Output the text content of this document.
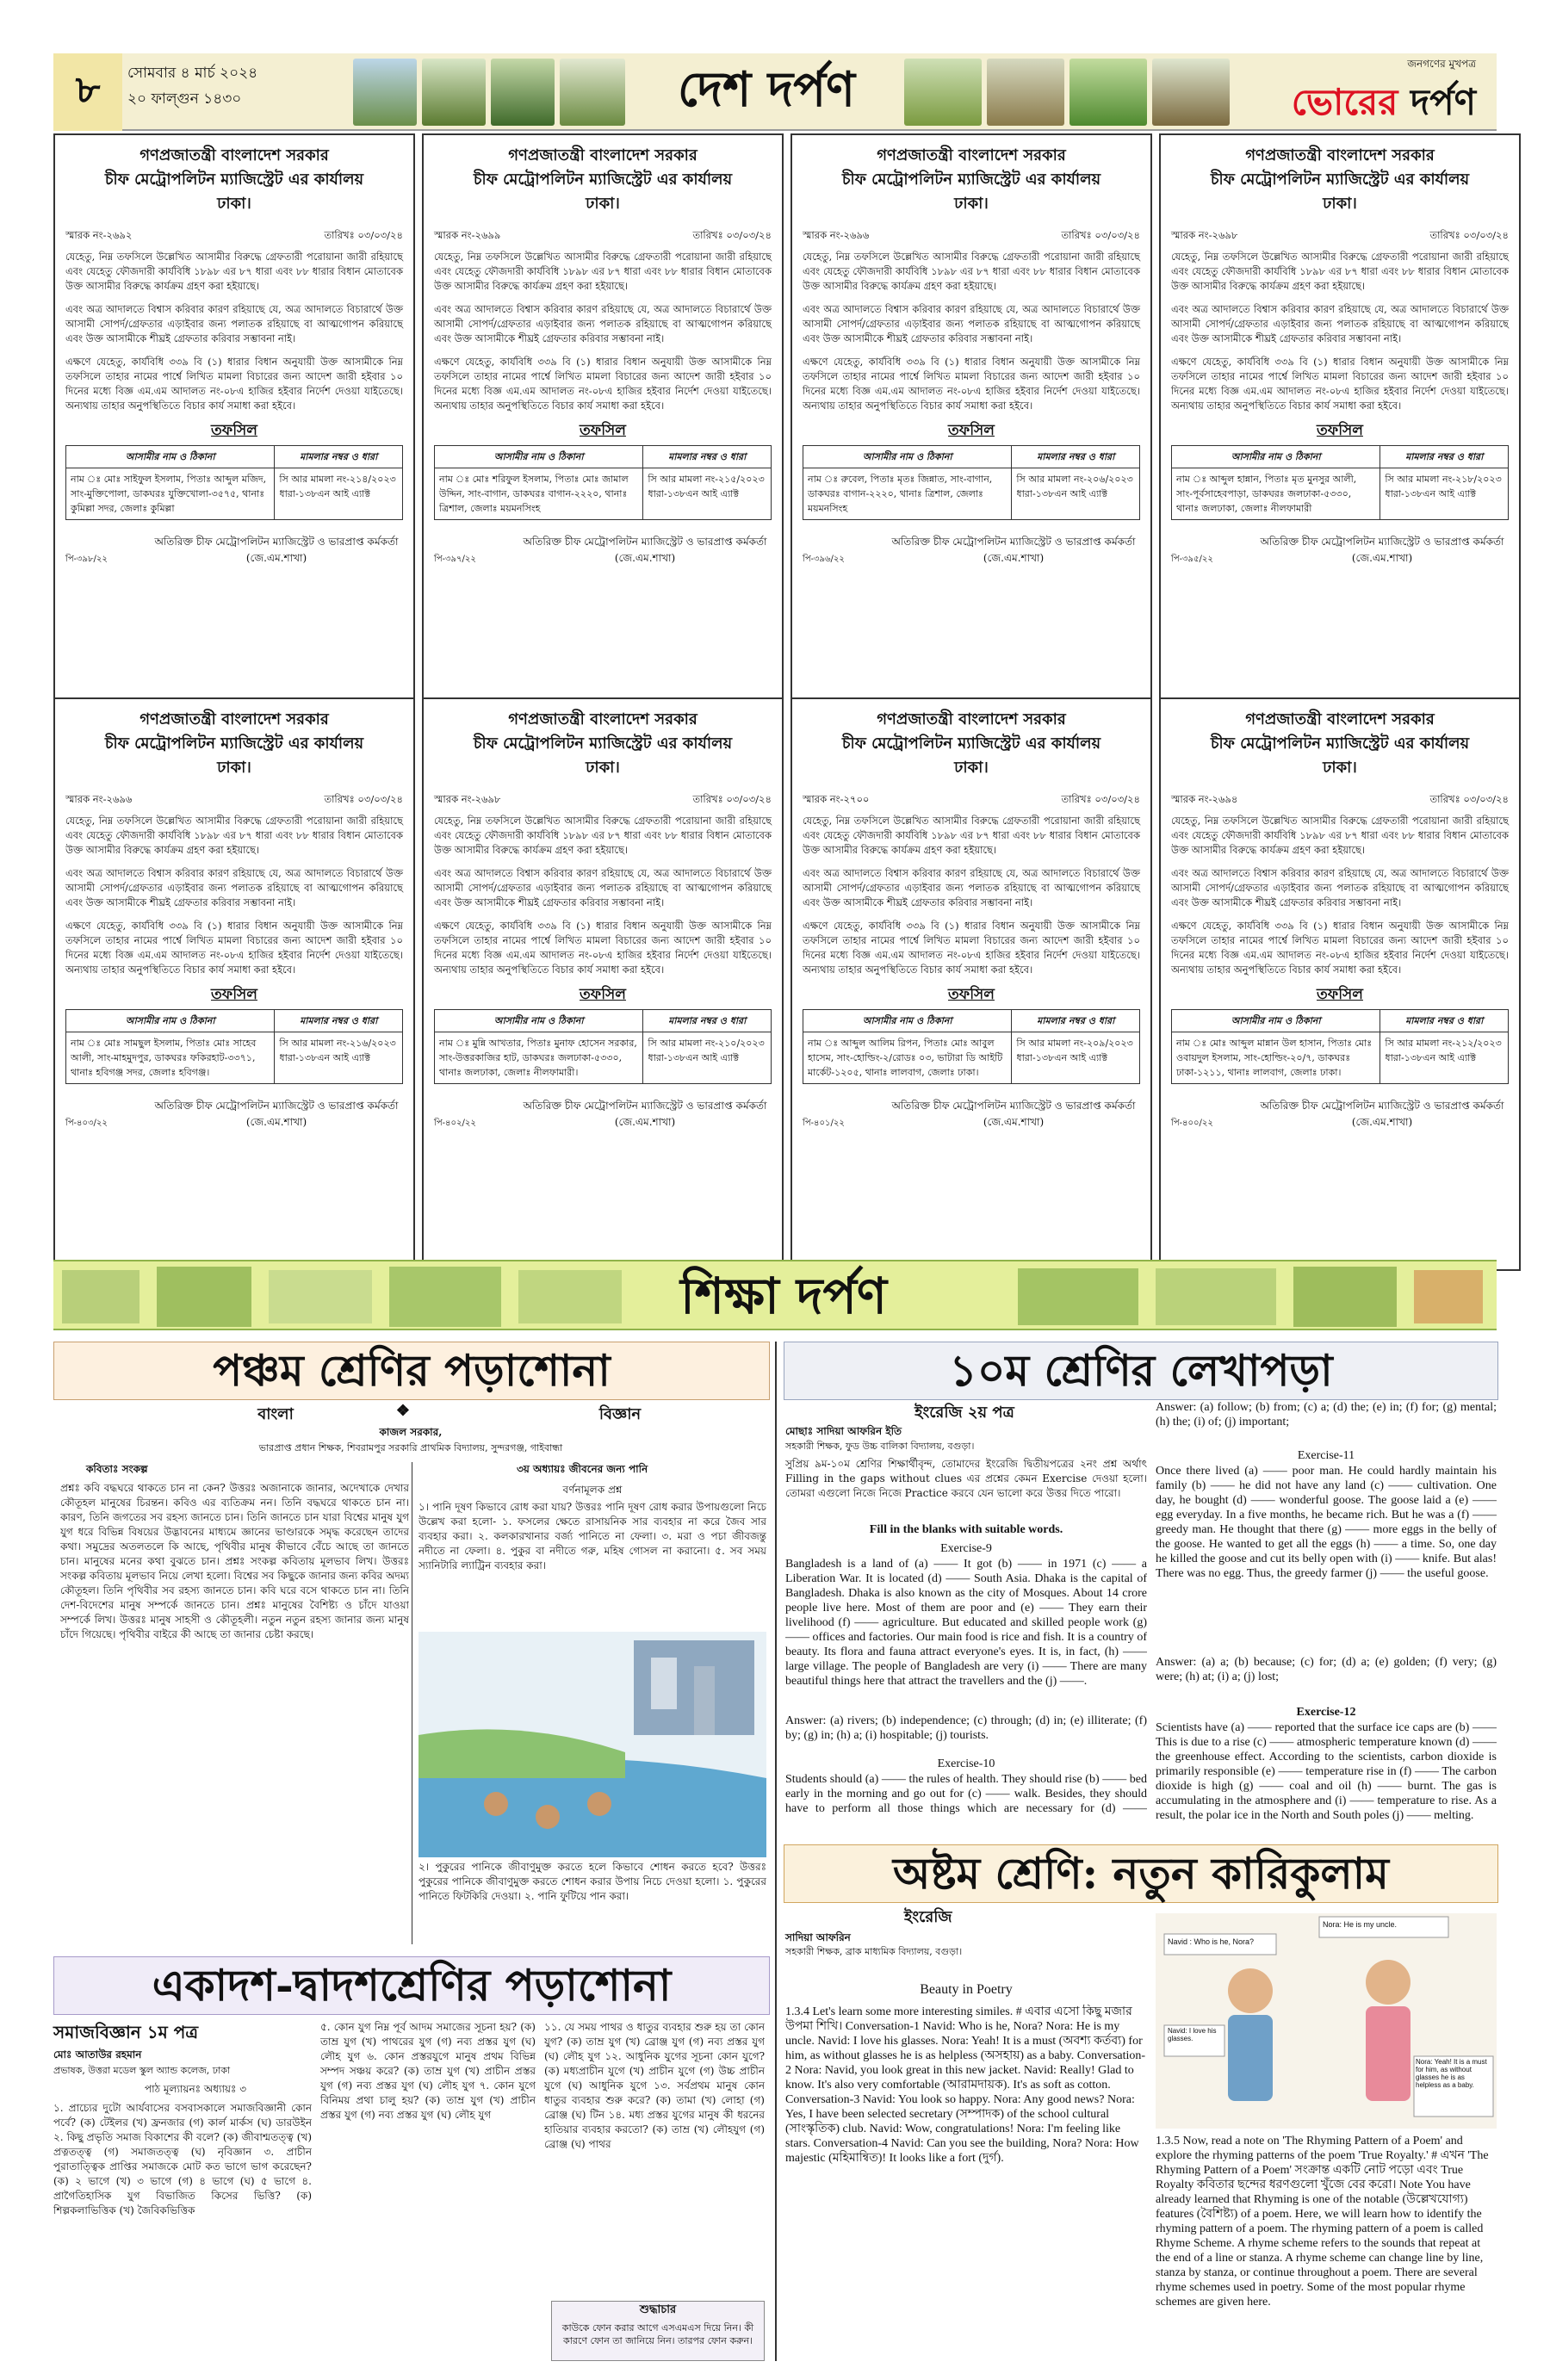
৮	সোমবার ৪ মার্চ ২০২৪
২০ ফাল্গুন ১৪৩০	দেশ দর্পণ	জনগণের মুখপত্র
ভোরের দর্পণ
গণপ্রজাতন্ত্রী বাংলাদেশ সরকার
চীফ মেট্রোপলিটন ম্যাজিস্ট্রেট এর কার্যালয়
ঢাকা।
স্মারক নং-২৬৯২	তারিখঃ ০৩/০৩/২৪

যেহেতু, নিম্ন তফসিলে উল্লেখিত আসামীর বিরুদ্ধে গ্রেফতারী পরোয়ানা জারী রহিয়াছে এবং যেহেতু ফৌজদারী কার্যবিধি ১৮৯৮ এর ৮৭ ধারা এবং ৮৮ ধারার বিধান মোতাবেক উক্ত আসামীর বিরুদ্ধে কার্যক্রম গ্রহণ করা হইয়াছে।

এবং অত্র আদালতে বিশ্বাস করিবার কারণ রহিয়াছে যে, অত্র আদালতে বিচারার্থে উক্ত আসামী সোপর্দ/গ্রেফতার এড়াইবার জন্য পলাতক রহিয়াছে বা আত্মগোপন করিয়াছে এবং উক্ত আসামীকে শীঘ্রই গ্রেফতার করিবার সম্ভাবনা নাই।

এক্ষণে যেহেতু, কার্যবিধি ৩৩৯ বি (১) ধারার বিধান অনুযায়ী উক্ত আসামীকে নিম্ন তফসিলে তাহার নামের পার্শ্বে লিখিত মামলা বিচারের জন্য আদেশ জারী হইবার ১০ দিনের মধ্যে বিজ্ঞ এম.এম আদালত নং-০৮এ হাজির হইবার নির্দেশ দেওয়া যাইতেছে। অন্যথায় তাহার অনুপস্থিতিতে বিচার কার্য সমাধা করা হইবে।

তফসিল
আসামীর নাম ও ঠিকানা	মামলার নম্বর ও ধারা
নাম ঃ মোঃ সাইফুল ইসলাম, পিতাঃ আব্দুল মজিদ, সাং-মুক্তিপোলা, ডাকঘরঃ যুক্তিখোলা-৩৫৭৫, থানাঃ কুমিল্লা সদর, জেলাঃ কুমিল্লা	সি আর মামলা নং-২১৪/২০২৩ ধারা-১৩৮এন আই এ্যাক্ট
পি-৩৯৮/২২
অতিরিক্ত চীফ মেট্রোপলিটন ম্যাজিস্ট্রেট ও ভারপ্রাপ্ত কর্মকর্তা (জে.এম.শাখা)
গণপ্রজাতন্ত্রী বাংলাদেশ সরকার
চীফ মেট্রোপলিটন ম্যাজিস্ট্রেট এর কার্যালয়
ঢাকা।
স্মারক নং-২৬৯৯	তারিখঃ ০৩/০৩/২৪

যেহেতু, নিম্ন তফসিলে উল্লেখিত আসামীর বিরুদ্ধে গ্রেফতারী পরোয়ানা জারী রহিয়াছে এবং যেহেতু ফৌজদারী কার্যবিধি ১৮৯৮ এর ৮৭ ধারা এবং ৮৮ ধারার বিধান মোতাবেক উক্ত আসামীর বিরুদ্ধে কার্যক্রম গ্রহণ করা হইয়াছে।

এবং অত্র আদালতে বিশ্বাস করিবার কারণ রহিয়াছে যে, অত্র আদালতে বিচারার্থে উক্ত আসামী সোপর্দ/গ্রেফতার এড়াইবার জন্য পলাতক রহিয়াছে বা আত্মগোপন করিয়াছে এবং উক্ত আসামীকে শীঘ্রই গ্রেফতার করিবার সম্ভাবনা নাই।

এক্ষণে যেহেতু, কার্যবিধি ৩৩৯ বি (১) ধারার বিধান অনুযায়ী উক্ত আসামীকে নিম্ন তফসিলে তাহার নামের পার্শ্বে লিখিত মামলা বিচারের জন্য আদেশ জারী হইবার ১০ দিনের মধ্যে বিজ্ঞ এম.এম আদালত নং-০৮এ হাজির হইবার নির্দেশ দেওয়া যাইতেছে। অন্যথায় তাহার অনুপস্থিতিতে বিচার কার্য সমাধা করা হইবে।

তফসিল
আসামীর নাম ও ঠিকানা	মামলার নম্বর ও ধারা
নাম ঃ মোঃ শরিফুল ইসলাম, পিতাঃ মোঃ জামাল উদ্দিন, সাং-বাগান, ডাকঘরঃ বাগান-২২২০, থানাঃ ত্রিশাল, জেলাঃ ময়মনসিংহ	সি আর মামলা নং-২১৫/২০২৩ ধারা-১৩৮এন আই এ্যাক্ট
পি-৩৯৭/২২
অতিরিক্ত চীফ মেট্রোপলিটন ম্যাজিস্ট্রেট ও ভারপ্রাপ্ত কর্মকর্তা (জে.এম.শাখা)
গণপ্রজাতন্ত্রী বাংলাদেশ সরকার
চীফ মেট্রোপলিটন ম্যাজিস্ট্রেট এর কার্যালয়
ঢাকা।
স্মারক নং-২৬৯৬	তারিখঃ ০৩/০৩/২৪

যেহেতু, নিম্ন তফসিলে উল্লেখিত আসামীর বিরুদ্ধে গ্রেফতারী পরোয়ানা জারী রহিয়াছে এবং যেহেতু ফৌজদারী কার্যবিধি ১৮৯৮ এর ৮৭ ধারা এবং ৮৮ ধারার বিধান মোতাবেক উক্ত আসামীর বিরুদ্ধে কার্যক্রম গ্রহণ করা হইয়াছে।

এবং অত্র আদালতে বিশ্বাস করিবার কারণ রহিয়াছে যে, অত্র আদালতে বিচারার্থে উক্ত আসামী সোপর্দ/গ্রেফতার এড়াইবার জন্য পলাতক রহিয়াছে বা আত্মগোপন করিয়াছে এবং উক্ত আসামীকে শীঘ্রই গ্রেফতার করিবার সম্ভাবনা নাই।

এক্ষণে যেহেতু, কার্যবিধি ৩৩৯ বি (১) ধারার বিধান অনুযায়ী উক্ত আসামীকে নিম্ন তফসিলে তাহার নামের পার্শ্বে লিখিত মামলা বিচারের জন্য আদেশ জারী হইবার ১০ দিনের মধ্যে বিজ্ঞ এম.এম আদালত নং-০৮এ হাজির হইবার নির্দেশ দেওয়া যাইতেছে। অন্যথায় তাহার অনুপস্থিতিতে বিচার কার্য সমাধা করা হইবে।

তফসিল
আসামীর নাম ও ঠিকানা	মামলার নম্বর ও ধারা
নাম ঃ রুবেল, পিতাঃ মৃতঃ জিন্নাত, সাং-বাগান, ডাকঘরঃ বাগান-২২২০, থানাঃ ত্রিশাল, জেলাঃ ময়মনসিংহ	সি আর মামলা নং-২০৬/২০২৩ ধারা-১৩৮এন আই এ্যাক্ট
পি-৩৯৬/২২
অতিরিক্ত চীফ মেট্রোপলিটন ম্যাজিস্ট্রেট ও ভারপ্রাপ্ত কর্মকর্তা (জে.এম.শাখা)
গণপ্রজাতন্ত্রী বাংলাদেশ সরকার
চীফ মেট্রোপলিটন ম্যাজিস্ট্রেট এর কার্যালয়
ঢাকা।
স্মারক নং-২৬৯৮	তারিখঃ ০৩/০৩/২৪

যেহেতু, নিম্ন তফসিলে উল্লেখিত আসামীর বিরুদ্ধে গ্রেফতারী পরোয়ানা জারী রহিয়াছে এবং যেহেতু ফৌজদারী কার্যবিধি ১৮৯৮ এর ৮৭ ধারা এবং ৮৮ ধারার বিধান মোতাবেক উক্ত আসামীর বিরুদ্ধে কার্যক্রম গ্রহণ করা হইয়াছে।

এবং অত্র আদালতে বিশ্বাস করিবার কারণ রহিয়াছে যে, অত্র আদালতে বিচারার্থে উক্ত আসামী সোপর্দ/গ্রেফতার এড়াইবার জন্য পলাতক রহিয়াছে বা আত্মগোপন করিয়াছে এবং উক্ত আসামীকে শীঘ্রই গ্রেফতার করিবার সম্ভাবনা নাই।

এক্ষণে যেহেতু, কার্যবিধি ৩৩৯ বি (১) ধারার বিধান অনুযায়ী উক্ত আসামীকে নিম্ন তফসিলে তাহার নামের পার্শ্বে লিখিত মামলা বিচারের জন্য আদেশ জারী হইবার ১০ দিনের মধ্যে বিজ্ঞ এম.এম আদালত নং-০৮এ হাজির হইবার নির্দেশ দেওয়া যাইতেছে। অন্যথায় তাহার অনুপস্থিতিতে বিচার কার্য সমাধা করা হইবে।

তফসিল
আসামীর নাম ও ঠিকানা	মামলার নম্বর ও ধারা
নাম ঃ আব্দুল হান্নান, পিতাঃ মৃত মুনসুর আলী, সাং-পূর্বসাহেবপাড়া, ডাকঘরঃ জলঢাকা-৫৩৩০, থানাঃ জলঢাকা, জেলাঃ নীলফামারী	সি আর মামলা নং-২১৮/২০২৩ ধারা-১৩৮এন আই এ্যাক্ট
পি-৩৯৫/২২
অতিরিক্ত চীফ মেট্রোপলিটন ম্যাজিস্ট্রেট ও ভারপ্রাপ্ত কর্মকর্তা (জে.এম.শাখা)
গণপ্রজাতন্ত্রী বাংলাদেশ সরকার
চীফ মেট্রোপলিটন ম্যাজিস্ট্রেট এর কার্যালয়
ঢাকা।
স্মারক নং-২৬৯৬	তারিখঃ ০৩/০৩/২৪

যেহেতু, নিম্ন তফসিলে উল্লেখিত আসামীর বিরুদ্ধে গ্রেফতারী পরোয়ানা জারী রহিয়াছে এবং যেহেতু ফৌজদারী কার্যবিধি ১৮৯৮ এর ৮৭ ধারা এবং ৮৮ ধারার বিধান মোতাবেক উক্ত আসামীর বিরুদ্ধে কার্যক্রম গ্রহণ করা হইয়াছে।

এবং অত্র আদালতে বিশ্বাস করিবার কারণ রহিয়াছে যে, অত্র আদালতে বিচারার্থে উক্ত আসামী সোপর্দ/গ্রেফতার এড়াইবার জন্য পলাতক রহিয়াছে বা আত্মগোপন করিয়াছে এবং উক্ত আসামীকে শীঘ্রই গ্রেফতার করিবার সম্ভাবনা নাই।

এক্ষণে যেহেতু, কার্যবিধি ৩৩৯ বি (১) ধারার বিধান অনুযায়ী উক্ত আসামীকে নিম্ন তফসিলে তাহার নামের পার্শ্বে লিখিত মামলা বিচারের জন্য আদেশ জারী হইবার ১০ দিনের মধ্যে বিজ্ঞ এম.এম আদালত নং-০৮এ হাজির হইবার নির্দেশ দেওয়া যাইতেছে। অন্যথায় তাহার অনুপস্থিতিতে বিচার কার্য সমাধা করা হইবে।

তফসিল
আসামীর নাম ও ঠিকানা	মামলার নম্বর ও ধারা
নাম ঃ মোঃ সামছুল ইসলাম, পিতাঃ মোঃ সাহেব আলী, সাং-মাহমুদপুর, ডাকঘরঃ ফকিরহাট-৩৩৭১, থানাঃ হবিগঞ্জ সদর, জেলাঃ হবিগঞ্জ।	সি আর মামলা নং-২১৬/২০২৩ ধারা-১৩৮এন আই এ্যাক্ট
পি-৪০৩/২২
অতিরিক্ত চীফ মেট্রোপলিটন ম্যাজিস্ট্রেট ও ভারপ্রাপ্ত কর্মকর্তা (জে.এম.শাখা)
গণপ্রজাতন্ত্রী বাংলাদেশ সরকার
চীফ মেট্রোপলিটন ম্যাজিস্ট্রেট এর কার্যালয়
ঢাকা।
স্মারক নং-২৬৯৮	তারিখঃ ০৩/০৩/২৪

যেহেতু, নিম্ন তফসিলে উল্লেখিত আসামীর বিরুদ্ধে গ্রেফতারী পরোয়ানা জারী রহিয়াছে এবং যেহেতু ফৌজদারী কার্যবিধি ১৮৯৮ এর ৮৭ ধারা এবং ৮৮ ধারার বিধান মোতাবেক উক্ত আসামীর বিরুদ্ধে কার্যক্রম গ্রহণ করা হইয়াছে।

এবং অত্র আদালতে বিশ্বাস করিবার কারণ রহিয়াছে যে, অত্র আদালতে বিচারার্থে উক্ত আসামী সোপর্দ/গ্রেফতার এড়াইবার জন্য পলাতক রহিয়াছে বা আত্মগোপন করিয়াছে এবং উক্ত আসামীকে শীঘ্রই গ্রেফতার করিবার সম্ভাবনা নাই।

এক্ষণে যেহেতু, কার্যবিধি ৩৩৯ বি (১) ধারার বিধান অনুযায়ী উক্ত আসামীকে নিম্ন তফসিলে তাহার নামের পার্শ্বে লিখিত মামলা বিচারের জন্য আদেশ জারী হইবার ১০ দিনের মধ্যে বিজ্ঞ এম.এম আদালত নং-০৮এ হাজির হইবার নির্দেশ দেওয়া যাইতেছে। অন্যথায় তাহার অনুপস্থিতিতে বিচার কার্য সমাধা করা হইবে।

তফসিল
আসামীর নাম ও ঠিকানা	মামলার নম্বর ও ধারা
নাম ঃ মুন্নি আখতার, পিতাঃ মুনাফ হোসেন সরকার, সাং-উত্তরকাজির হাট, ডাকঘরঃ জলঢাকা-৫৩৩০, থানাঃ জলঢাকা, জেলাঃ নীলফামারী।	সি আর মামলা নং-২১০/২০২৩ ধারা-১৩৮এন আই এ্যাক্ট
পি-৪০২/২২
অতিরিক্ত চীফ মেট্রোপলিটন ম্যাজিস্ট্রেট ও ভারপ্রাপ্ত কর্মকর্তা (জে.এম.শাখা)
গণপ্রজাতন্ত্রী বাংলাদেশ সরকার
চীফ মেট্রোপলিটন ম্যাজিস্ট্রেট এর কার্যালয়
ঢাকা।
স্মারক নং-২৭০০	তারিখঃ ০৩/০৩/২৪

যেহেতু, নিম্ন তফসিলে উল্লেখিত আসামীর বিরুদ্ধে গ্রেফতারী পরোয়ানা জারী রহিয়াছে এবং যেহেতু ফৌজদারী কার্যবিধি ১৮৯৮ এর ৮৭ ধারা এবং ৮৮ ধারার বিধান মোতাবেক উক্ত আসামীর বিরুদ্ধে কার্যক্রম গ্রহণ করা হইয়াছে।

এবং অত্র আদালতে বিশ্বাস করিবার কারণ রহিয়াছে যে, অত্র আদালতে বিচারার্থে উক্ত আসামী সোপর্দ/গ্রেফতার এড়াইবার জন্য পলাতক রহিয়াছে বা আত্মগোপন করিয়াছে এবং উক্ত আসামীকে শীঘ্রই গ্রেফতার করিবার সম্ভাবনা নাই।

এক্ষণে যেহেতু, কার্যবিধি ৩৩৯ বি (১) ধারার বিধান অনুযায়ী উক্ত আসামীকে নিম্ন তফসিলে তাহার নামের পার্শ্বে লিখিত মামলা বিচারের জন্য আদেশ জারী হইবার ১০ দিনের মধ্যে বিজ্ঞ এম.এম আদালত নং-০৮এ হাজির হইবার নির্দেশ দেওয়া যাইতেছে। অন্যথায় তাহার অনুপস্থিতিতে বিচার কার্য সমাধা করা হইবে।

তফসিল
আসামীর নাম ও ঠিকানা	মামলার নম্বর ও ধারা
নাম ঃ আব্দুল আলিম রিপন, পিতাঃ মোঃ আবুল হাসেম, সাং-হোল্ডিং-২/রোডঃ ০৩, ভাটারা ডি আইটি মার্কেট-১২০৫, থানাঃ লালবাগ, জেলাঃ ঢাকা।	সি আর মামলা নং-২০৯/২০২৩ ধারা-১৩৮এন আই এ্যাক্ট
পি-৪০১/২২
অতিরিক্ত চীফ মেট্রোপলিটন ম্যাজিস্ট্রেট ও ভারপ্রাপ্ত কর্মকর্তা (জে.এম.শাখা)
গণপ্রজাতন্ত্রী বাংলাদেশ সরকার
চীফ মেট্রোপলিটন ম্যাজিস্ট্রেট এর কার্যালয়
ঢাকা।
স্মারক নং-২৬৯৪	তারিখঃ ০৩/০৩/২৪

যেহেতু, নিম্ন তফসিলে উল্লেখিত আসামীর বিরুদ্ধে গ্রেফতারী পরোয়ানা জারী রহিয়াছে এবং যেহেতু ফৌজদারী কার্যবিধি ১৮৯৮ এর ৮৭ ধারা এবং ৮৮ ধারার বিধান মোতাবেক উক্ত আসামীর বিরুদ্ধে কার্যক্রম গ্রহণ করা হইয়াছে।

এবং অত্র আদালতে বিশ্বাস করিবার কারণ রহিয়াছে যে, অত্র আদালতে বিচারার্থে উক্ত আসামী সোপর্দ/গ্রেফতার এড়াইবার জন্য পলাতক রহিয়াছে বা আত্মগোপন করিয়াছে এবং উক্ত আসামীকে শীঘ্রই গ্রেফতার করিবার সম্ভাবনা নাই।

এক্ষণে যেহেতু, কার্যবিধি ৩৩৯ বি (১) ধারার বিধান অনুযায়ী উক্ত আসামীকে নিম্ন তফসিলে তাহার নামের পার্শ্বে লিখিত মামলা বিচারের জন্য আদেশ জারী হইবার ১০ দিনের মধ্যে বিজ্ঞ এম.এম আদালত নং-০৮এ হাজির হইবার নির্দেশ দেওয়া যাইতেছে। অন্যথায় তাহার অনুপস্থিতিতে বিচার কার্য সমাধা করা হইবে।

তফসিল
আসামীর নাম ও ঠিকানা	মামলার নম্বর ও ধারা
নাম ঃ মোঃ আব্দুল মান্নান উল হাসান, পিতাঃ মোঃ ওবায়দুল ইসলাম, সাং-হোল্ডিং-২০/৭, ডাকঘরঃ ঢাকা-১২১১, থানাঃ লালবাগ, জেলাঃ ঢাকা।	সি আর মামলা নং-২১২/২০২৩ ধারা-১৩৮এন আই এ্যাক্ট
পি-৪০০/২২
অতিরিক্ত চীফ মেট্রোপলিটন ম্যাজিস্ট্রেট ও ভারপ্রাপ্ত কর্মকর্তা (জে.এম.শাখা)
শিক্ষা দর্পণ
পঞ্চম শ্রেণির পড়াশোনা
বাংলা	❖	বিজ্ঞান
কাজল সরকার,
ভারপ্রাপ্ত প্রধান শিক্ষক, শিবরামপুর সরকারি প্রাথমিক বিদ্যালয়, সুন্দরগঞ্জ, গাইবান্ধা
কবিতাঃ সংকল্প
প্রশ্নঃ কবি বদ্ধঘরে থাকতে চান না কেন? উত্তরঃ অজানাকে জানার, অদেখাকে দেখার কৌতূহল মানুষের চিরন্তন। কবিও এর ব্যতিক্রম নন। তিনি বদ্ধঘরে থাকতে চান না। কারণ, তিনি জগতের সব রহস্য জানতে চান। তিনি জানতে চান যারা বিশ্বের মানুষ যুগ যুগ ধরে বিভিন্ন বিষয়ের উদ্ভাবনের মাধ্যমে জ্ঞানের ভাণ্ডারকে সমৃদ্ধ করেছেন তাদের কথা। সমুদ্রের অতলতলে কি আছে, পৃথিবীর মানুষ কীভাবে বেঁচে আছে তা জানতে চান। মানুষের মনের কথা বুঝতে চান। প্রশ্নঃ সংকল্প কবিতায় মূলভাব লিখ। উত্তরঃ সংকল্প কবিতায় মূলভাব নিয়ে লেখা হলো। বিশ্বের সব কিছুকে জানার জন্য কবির অদম্য কৌতূহল। তিনি পৃথিবীর সব রহস্য জানতে চান। কবি ঘরে বসে থাকতে চান না। তিনি দেশ-বিদেশের মানুষ সম্পর্কে জানতে চান। প্রশ্নঃ মানুষের বৈশিষ্ট্য ও চাঁদে যাওয়া সম্পর্কে লিখ। উত্তরঃ মানুষ সাহসী ও কৌতূহলী। নতুন নতুন রহস্য জানার জন্য মানুষ চাঁদে গিয়েছে। পৃথিবীর বাইরে কী আছে তা জানার চেষ্টা করছে।
৩য় অধ্যায়ঃ জীবনের জন্য পানি
বর্ণনামূলক প্রশ্ন
১। পানি দূষণ কিভাবে রোধ করা যায়? উত্তরঃ পানি দূষণ রোধ করার উপায়গুলো নিচে উল্লেখ করা হলো- ১. ফসলের ক্ষেতে রাসায়নিক সার ব্যবহার না করে জৈব সার ব্যবহার করা। ২. কলকারখানার বর্জ্য পানিতে না ফেলা। ৩. মরা ও পচা জীবজন্তু নদীতে না ফেলা। ৪. পুকুর বা নদীতে গরু, মহিষ গোসল না করানো। ৫. সব সময় স্যানিটারি ল্যাট্রিন ব্যবহার করা।
২। পুকুরের পানিকে জীবাণুমুক্ত করতে হলে কিভাবে শোধন করতে হবে? উত্তরঃ পুকুরের পানিকে জীবাণুমুক্ত করতে শোধন করার উপায় নিচে দেওয়া হলো। ১. পুকুরের পানিতে ফিটকিরি দেওয়া। ২. পানি ফুটিয়ে পান করা।
একাদশ-দ্বাদশশ্রেণির পড়াশোনা
সমাজবিজ্ঞান ১ম পত্র
মোঃ আতাউর রহমান
প্রভাষক, উত্তরা মডেল স্কুল অ্যান্ড কলেজ, ঢাকা
পাঠ মূল্যায়নঃ অধ্যায়ঃ ৩
১. প্রাচ্যের দুটো আর্যবাসের বসবাসকালে সমাজবিজ্ঞানী কোন পর্বে? (ক) টেইলর (খ) ফ্রনজার (গ) কার্ল মার্কস (ঘ) ডারউইন ২. কিছু প্রভৃতি সমাজ বিকাশের কী বলে? (ক) জীবাশ্মতত্ত্ব (খ) প্রত্নতত্ত্ব (গ) সমাজতত্ত্ব (ঘ) নৃবিজ্ঞান ৩. প্রাচীন পুরাতাত্ত্বিক প্রাপ্তির সমাজকে মোট কত ভাগে ভাগ করেছেন? (ক) ২ ভাগে (খ) ৩ ভাগে (গ) ৪ ভাগে (ঘ) ৫ ভাগে ৪. প্রাগৈতিহাসিক যুগ বিভাজিত কিসের ভিত্তি? (ক) শিল্পকলাভিত্তিক (খ) জৈবিকভিত্তিক
৫. কোন যুগ নিম্ন পূর্ব আদম সমাজের সূচনা হয়? (ক) তাম্র যুগ (খ) পাথরের যুগ (গ) নব্য প্রস্তর যুগ (ঘ) লৌহ যুগ ৬. কোন প্রস্তরযুগে মানুষ প্রথম বিভিন্ন সম্পদ সঞ্চয় করে? (ক) তাম্র যুগ (খ) প্রাচীন প্রস্তর যুগ (গ) নব্য প্রস্তর যুগ (ঘ) লৌহ যুগ ৭. কোন যুগে বিনিময় প্রথা চালু হয়? (ক) তাম্র যুগ (খ) প্রাচীন প্রস্তর যুগ (গ) নব্য প্রস্তর যুগ (ঘ) লৌহ যুগ
১১. যে সময় পাথর ও ধাতুর ব্যবহার শুরু হয় তা কোন যুগ? (ক) তাম্র যুগ (খ) ব্রোঞ্জ যুগ (গ) নব্য প্রস্তর যুগ (ঘ) লৌহ যুগ ১২. আধুনিক যুগের সূচনা কোন যুগে? (ক) মধ্যপ্রাচীন যুগে (খ) প্রাচীন যুগে (গ) উচ্চ প্রাচীন যুগে (ঘ) আধুনিক যুগে ১৩. সর্বপ্রথম মানুষ কোন ধাতুর ব্যবহার শুরু করে? (ক) তামা (খ) লোহা (গ) ব্রোঞ্জ (ঘ) টিন ১৪. মধ্য প্রস্তর যুগের মানুষ কী ধরনের হাতিয়ার ব্যবহার করতো? (ক) তাম্র (খ) লৌহযুগ (গ) ব্রোঞ্জ (ঘ) পাথর
শুদ্ধাচার
কাউকে ফোন করার আগে এসএমএস দিয়ে নিন। কী কারণে ফোন তা জানিয়ে নিন। তারপর ফোন করুন।
১০ম শ্রেণির লেখাপড়া
ইংরেজি ২য় পত্র
মোছাঃ সাদিয়া আফরিন ইতি
সহকারী শিক্ষক, ফুড উচ্চ বালিকা বিদ্যালয়, বগুড়া।
সুপ্রিয় ৯ম-১০ম শ্রেণির শিক্ষার্থীবৃন্দ, তোমাদের ইংরেজি দ্বিতীয়পত্রের ২নং প্রশ্ন অর্থাৎ Filling in the gaps without clues এর প্রশ্নের কেমন Exercise দেওয়া হলো। তোমরা এগুলো নিজে নিজে Practice করবে যেন ভালো করে উত্তর দিতে পারো।
Fill in the blanks with suitable words.
Exercise-9
Bangladesh is a land of (a) —— It got (b) —— in 1971 (c) —— a Liberation War. It is located (d) —— South Asia. Dhaka is the capital of Bangladesh. Dhaka is also known as the city of Mosques. About 14 crore people live here. Most of them are poor and (e) —— They earn their livelihood (f) —— agriculture. But educated and skilled people work (g) —— offices and factories. Our main food is rice and fish. It is a country of beauty. Its flora and fauna attract everyone's eyes. It is, in fact, (h) —— large village. The people of Bangladesh are very (i) —— There are many beautiful things here that attract the travellers and the (j) ——.
Answer: (a) rivers; (b) independence; (c) through; (d) in; (e) illiterate; (f) by; (g) in; (h) a; (i) hospitable; (j) tourists.
Exercise-10
Students should (a) —— the rules of health. They should rise (b) —— bed early in the morning and go out for (c) —— walk. Besides, they should have to perform all those things which are necessary for (d) ——
Answer: (a) follow; (b) from; (c) a; (d) the; (e) in; (f) for; (g) mental; (h) the; (i) of; (j) important;
Exercise-11
Once there lived (a) —— poor man. He could hardly maintain his family (b) —— he did not have any land (c) —— cultivation. One day, he bought (d) —— wonderful goose. The goose laid a (e) —— egg everyday. In a five months, he became rich. But he was a (f) ——greedy man. He thought that there (g) —— more eggs in the belly of the goose. He wanted to get all the eggs (h) —— a time. So, one day he killed the goose and cut its belly open with (i) —— knife. But alas! There was no egg. Thus, the greedy farmer (j) —— the useful goose.
Answer: (a) a; (b) because; (c) for; (d) a; (e) golden; (f) very; (g) were; (h) at; (i) a; (j) lost;
Exercise-12
Scientists have (a) —— reported that the surface ice caps are (b) —— This is due to a rise (c) —— atmospheric temperature known (d) —— the greenhouse effect. According to the scientists, carbon dioxide is primarily responsible (e) —— temperature rise in (f) —— The carbon dioxide is high (g) —— coal and oil (h) —— burnt. The gas is accumulating in the atmosphere and (i) —— temperature to rise. As a result, the polar ice in the North and South poles (j) —— melting.
অষ্টম শ্রেণি: নতুন কারিকুলাম
ইংরেজি
সাদিয়া আফরিন
সহকারী শিক্ষক, ব্রাক মাধ্যমিক বিদ্যালয়, বগুড়া।
Beauty in Poetry
1.3.4 Let's learn some more interesting similes. # এবার এসো কিছু মজার উপমা শিখি। Conversation-1 Navid: Who is he, Nora? Nora: He is my uncle. Navid: I love his glasses. Nora: Yeah! It is a must (অবশ্য কর্তব্য) for him, as without glasses he is as helpless (অসহায়) as a baby. Conversation-2 Nora: Navid, you look great in this new jacket. Navid: Really! Glad to know. It's also very comfortable (আরামদায়ক). It's as soft as cotton. Conversation-3 Navid: You look so happy. Nora: Any good news? Nora: Yes, I have been selected secretary (সম্পাদক) of the school cultural (সাংস্কৃতিক) club. Navid: Wow, congratulations! Nora: I'm feeling like stars. Conversation-4 Navid: Can you see the building, Nora? Nora: How majestic (মহিমান্বিত)! It looks like a fort (দুর্গ).
Navid : Who is he, Nora?
Nora: He is my uncle.
Navid: I love his glasses.
Nora: Yeah! It is a must for him, as without glasses he is as helpless as a baby.
1.3.5 Now, read a note on 'The Rhyming Pattern of a Poem' and explore the rhyming patterns of the poem 'True Royalty.' # এখন 'The Rhyming Pattern of a Poem' সংক্রান্ত একটি নোট পড়ো এবং True Royalty কবিতার ছন্দের ধরণগুলো খুঁজে বের করো। Note You have already learned that Rhyming is one of the notable (উল্লেখযোগ্য) features (বৈশিষ্ট্য) of a poem. Here, we will learn how to identify the rhyming pattern of a poem. The rhyming pattern of a poem is called Rhyme Scheme. A rhyme scheme refers to the sounds that repeat at the end of a line or stanza. A rhyme scheme can change line by line, stanza by stanza, or continue throughout a poem. There are several rhyme schemes used in poetry. Some of the most popular rhyme schemes are given here.
